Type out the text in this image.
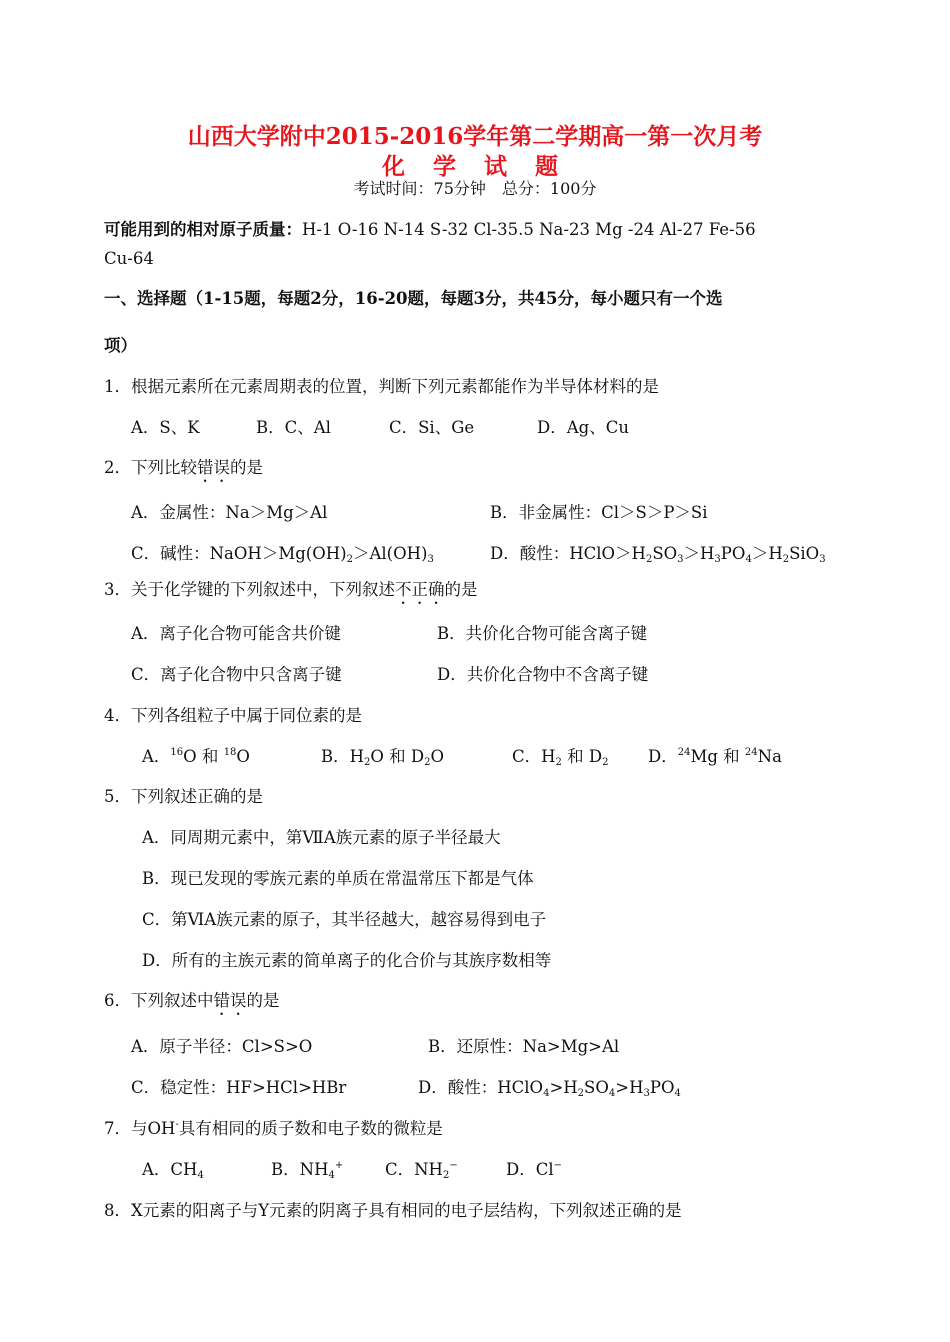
山西大学附中2015-2016学年第二学期高一第一次月考
化 学 试 题
考试时间：75分钟　总分：100分
可能用到的相对原子质量：H-1 O-16 N-14 S-32 Cl-35.5 Na-23 Mg -24 Al-27 Fe-56
Cu-64
一、选择题（1-15题，每题2分，16-20题，每题3分，共45分，每小题只有一个选
项）
1．根据元素所在元素周期表的位置，判断下列元素都能作为半导体材料的是
A．S、K	B．C、Al	C．Si、Ge	D．Ag、Cu
2．下列比较错误的是
A．金属性：Na＞Mg＞Al	B．非金属性：Cl＞S＞P＞Si
C．碱性：$NaOH>Mg(OH)_2>Al(OH)_3$	D．酸性：$HClO>H_2SO_3>H_3PO_4>H_2SiO_3$
3．关于化学键的下列叙述中，下列叙述不正确的是
A．离子化合物可能含共价键	B．共价化合物可能含离子键
C．离子化合物中只含离子键	D．共价化合物中不含离子键
4．下列各组粒子中属于同位素的是
A．$^{16}$O 和 $^{18}$O	B．$H_2O$ 和 $D_2O$	C．$H_2$ 和 $D_2$ D．$^{24}$Mg 和 $^{24}$Na
5．下列叙述正确的是
A．同周期元素中，第ⅦA族元素的原子半径最大
B．现已发现的零族元素的单质在常温常压下都是气体
C．第ⅥA族元素的原子，其半径越大，越容易得到电子
D．所有的主族元素的简单离子的化合价与其族序数相等
6．下列叙述中错误的是
A．原子半径：Cl>S>O	B．还原性：Na>Mg>Al
C．稳定性：HF>HCl>HBr	D．酸性：$HClO_4>H_2SO_4>H_3PO_4$
7．与OH-具有相同的质子数和电子数的微粒是
A．$CH_4$	B．$NH_4^+$	C．$NH_2^-$	D．Cl−
8．X元素的阳离子与Y元素的阴离子具有相同的电子层结构，下列叙述正确的是
